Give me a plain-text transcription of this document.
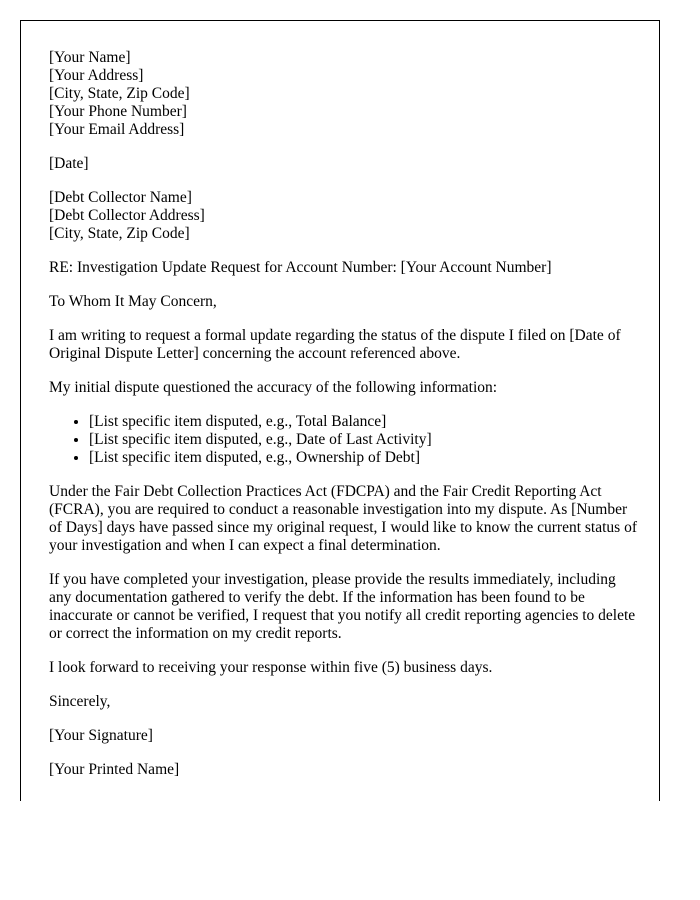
[Your Name]
[Your Address]
[City, State, Zip Code]
[Your Phone Number]
[Your Email Address]
[Date]
[Debt Collector Name]
[Debt Collector Address]
[City, State, Zip Code]

RE: Investigation Update Request for Account Number: [Your Account Number]

To Whom It May Concern,

I am writing to request a formal update regarding the status of the dispute I filed on [Date of Original Dispute Letter] concerning the account referenced above.

My initial dispute questioned the accuracy of the following information:

• [List specific item disputed, e.g., Total Balance]
• [List specific item disputed, e.g., Date of Last Activity]
• [List specific item disputed, e.g., Ownership of Debt]

Under the Fair Debt Collection Practices Act (FDCPA) and the Fair Credit Reporting Act (FCRA), you are required to conduct a reasonable investigation into my dispute. As [Number of Days] days have passed since my original request, I would like to know the current status of your investigation and when I can expect a final determination.

If you have completed your investigation, please provide the results immediately, including any documentation gathered to verify the debt. If the information has been found to be inaccurate or cannot be verified, I request that you notify all credit reporting agencies to delete or correct the information on my credit reports.

I look forward to receiving your response within five (5) business days.

Sincerely,

[Your Signature]

[Your Printed Name]
